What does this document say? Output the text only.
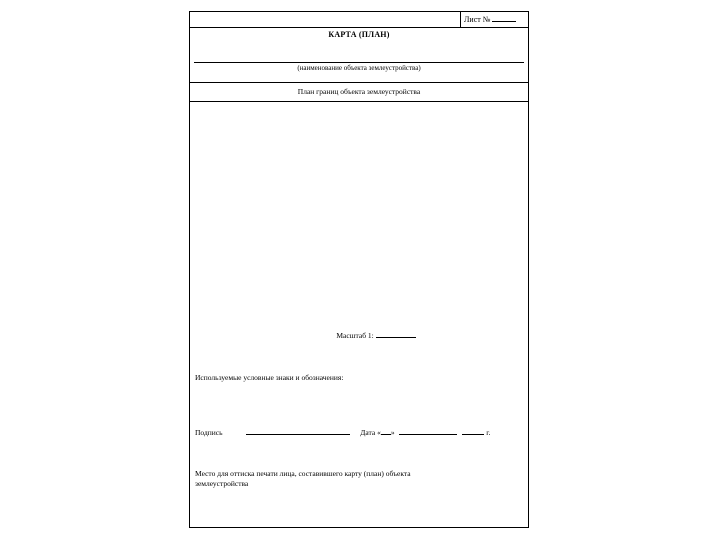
Лист №
КАРТА (ПЛАН)
(наименование объекта землеустройства)
План границ объекта землеустройства
Масштаб 1:
Используемые условные знаки и обозначения:
Подпись	Дата « »	г.
Место для оттиска печати лица, составившего карту (план) объекта землеустройства
